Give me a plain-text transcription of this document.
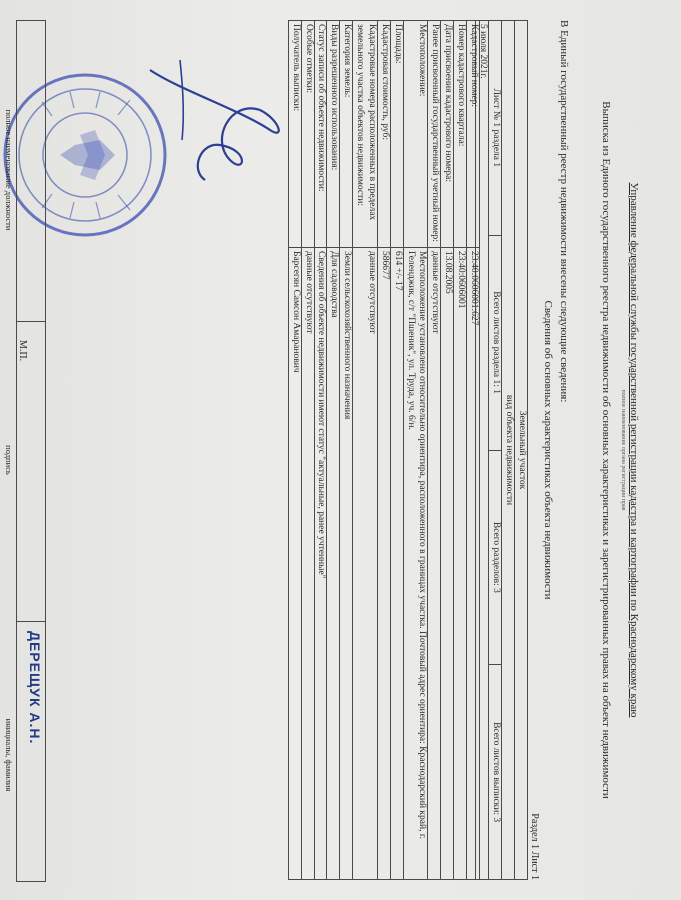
Управление федеральной службы государственной регистрации кадастра и картографии по Краснодарскому краю
полное наименование органа регистрации прав
Выписка из Единого государственного реестра недвижимости об основных характеристиках и зарегистрированных правах на объект недвижимости
В Единый государственный реестр недвижимости внесены следующие сведения:
Сведения об основных характеристиках объекта недвижимости
Раздел 1 Лист 1
Земельный участок
вид объекта недвижимости
Лист № 1 раздела 1	Всего листов раздела 1: 1	Всего разделов: 3	Всего листов выписки: 3
5 июля 2021г.
Кадастровый номер:	23:40:0606001:627
Номер кадастрового квартала:	23:40:0606001
Дата присвоения кадастрового номера:	13.08.2005
Ранее присвоенный государственный учетный номер:	данные отсутствуют
Местоположение:	Местоположение установлено относительно ориентира, расположенного в границах участка. Почтовый адрес ориентира: Краснодарский край, г. Геленджик, с/т "Пшеник", ул. Труда, уч. 6/н.
Площадь:	614 +/- 17
Кадастровая стоимость, руб:	586677
Кадастровые номера расположенных в пределах земельного участка объектов недвижимости:	данные отсутствуют
Категория земель:	Земли сельскохозяйственного назначения
Виды разрешенного использования:	Для садоводства
Статус записи об объекте недвижимости:	Сведения об объекте недвижимости имеют статус "актуальные, ранее учтенные"
Особые отметки:	данные отсутствуют
Получатель выписки:	Барсегян Самсон Амаранович
ДЕРЕЩУК А.Н.
М.П.
полное наименование должности
подпись
инициалы, фамилия
